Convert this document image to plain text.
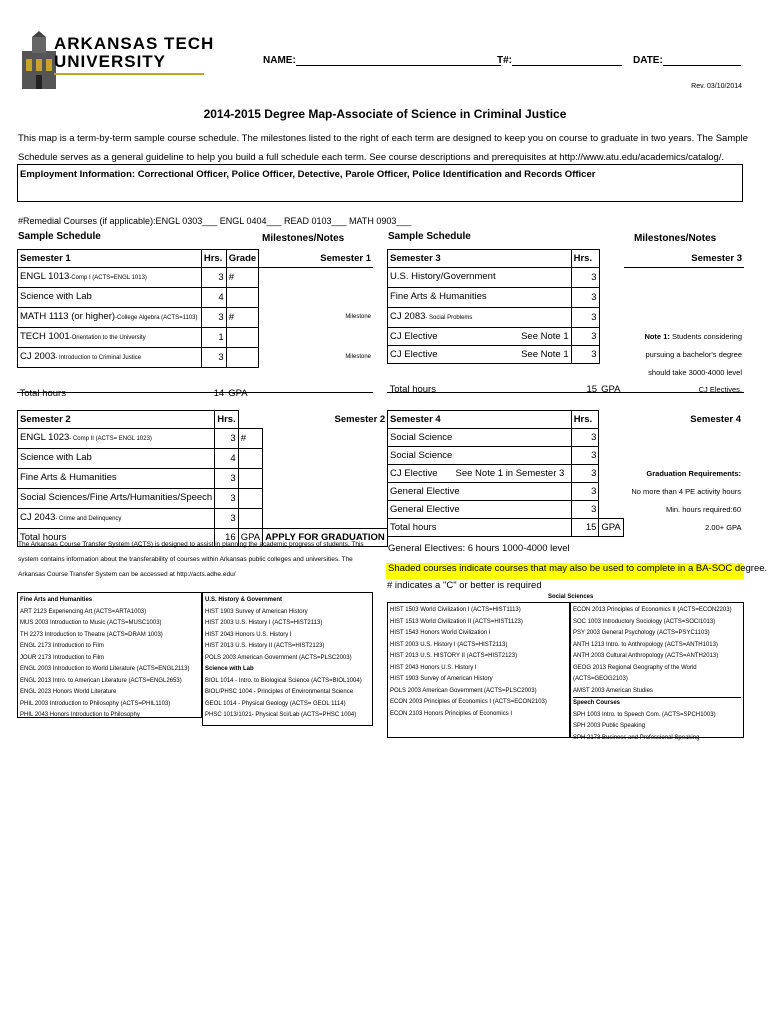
ARKANSAS TECH
UNIVERSITY	NAME:	T#:	DATE:
Rev. 03/10/2014
2014-2015 Degree Map-Associate of Science in Criminal Justice
This map is a term-by-term sample course schedule. The milestones listed to the right of each term are designed to keep you on course to graduate in two years. The Sample Schedule serves as a general guideline to help you build a full schedule each term. See course descriptions and prerequisites at http://www.atu.edu/academics/catalog/.
Employment Information: Correctional Officer, Police Officer, Detective, Parole Officer, Police Identification and Records Officer
#Remedial Courses (if applicable):ENGL 0303___ ENGL 0404___ READ 0103___ MATH 0903___
Sample Schedule	Milestones/Notes
Semester 1	Hrs.	Grade	Semester 1
ENGL 1013-Comp I (ACTS=ENGL 1013)	3	#	
Science with Lab	4		
MATH 1113 (or higher)-College Algebra (ACTS=1103)	3	#	Milestone
TECH 1001-Orientation to the University	1		
CJ 2003- Introduction to Criminal Justice	3		Milestone

Total hours	14	GPA	
Semester 2	Hrs.		Semester 2
ENGL 1023- Comp II (ACTS= ENGL 1023)	3	#	
Science with Lab	4		
Fine Arts & Humanities	3		
Social Sciences/Fine Arts/Humanities/Speech	3		
CJ 2043- Crime and Delinquency	3		
Total hours	16	GPA	APPLY FOR GRADUATION
The Arkansas Course Transfer System (ACTS) is designed to assist in planning the academic progress of students. This system contains information about the transferability of courses within Arkansas public colleges and universities. The Arkansas Course Transfer System can be accessed at http://acts.adhe.edu/
Sample Schedule	Milestones/Notes
Semester 3	Hrs.		Semester 3
U.S. History/Government	3		
Fine Arts & Humanities	3		
CJ 2083- Social Problems	3		
CJ Elective See Note 1	3		Note 1: Students considering
CJ Elective See Note 1	3		pursuing a bachelor's degree
			should take 3000-4000 level
Total hours	15	GPA	CJ Electives.
Semester 4	Hrs.		Semester 4
Social Science	3		
Social Science	3		
CJ Elective See Note 1 in Semester 3	3		Graduation Requirements:
General Elective	3		No more than 4 PE activity hours
General Elective	3		Min. hours required:60
Total hours	15	GPA	2.00+ GPA
General Electives: 6 hours 1000-4000 level
Shaded courses indicate courses that may also be used to complete in a BA-SOC degree.
# indicates a "C" or better is required
Fine Arts and Humanities
ART 2123 Experiencing Art (ACTS=ARTA1003)
MUS 2003 Introduction to Music (ACTS=MUSC1003)
TH 2273 Introduction to Theatre (ACTS=DRAM 1003)
ENGL 2173 Introduction to Film
JOUR 2173 Introduction to Film
ENGL 2003 Introduction to World Literature (ACTS=ENGL2113)
ENGL 2013 Intro. to American Literature (ACTS=ENGL2653)
ENGL 2023 Honors World Literature
PHIL 2003 Introduction to Philosophy (ACTS=PHIL1103)
PHIL 2043 Honors Introduction to Philosophy
U.S. History & Government
HIST 1903 Survey of American History
HIST 2003 U.S. History I (ACTS=HIST2113)
HIST 2043 Honors U.S. History I
HIST 2013 U.S. History II (ACTS=HIST2123)
POLS 2003 American Government (ACTS=PLSC2003)
Science with Lab
BIOL 1014 - Intro. to Biological Science (ACTS=BIOL1004)
BIOL/PHSC 1004 - Principles of Environmental Science
GEOL 1014 - Physical Geology (ACTS= GEOL 1114)
PHSC 1013/1021- Physical Sci/Lab (ACTS=PHSC 1004)
Social Sciences
HIST 1503 World Civilization I (ACTS=HIST1113)
HIST 1513 World Civilization II (ACTS=HIST1123)
HIST 1543 Honors World Civilization I
HIST 2003 U.S. History I (ACTS=HIST2113)
HIST 2013 U.S. HISTORY II (ACTS=HIST2123)
HIST 2043 Honors U.S. History I
HIST 1903 Survey of American History
POLS 2003 American Government (ACTS=PLSC2003)
ECON 2003 Principles of Economics I (ACTS=ECON2103)
ECON 2103 Honors Principles of Economics I
ECON 2013 Principles of Economics II (ACTS=ECON2203)
SOC 1003 Introductory Sociology (ACTS=SOCI1013)
PSY 2003 General Psychology (ACTS=PSYC1103)
ANTH 1213 Intro. to Anthropology (ACTS=ANTH1013)
ANTH 2003 Cultural Anthropology (ACTS=ANTH2013)
GEOG 2013 Regional Geography of the World (ACTS=GEOG2103)
AMST 2003 American Studies
Speech Courses
SPH 1003 Intro. to Speech Com. (ACTS=SPCH1003)
SPH 2003 Public Speaking
SPH 2173 Business and Professional Speaking
